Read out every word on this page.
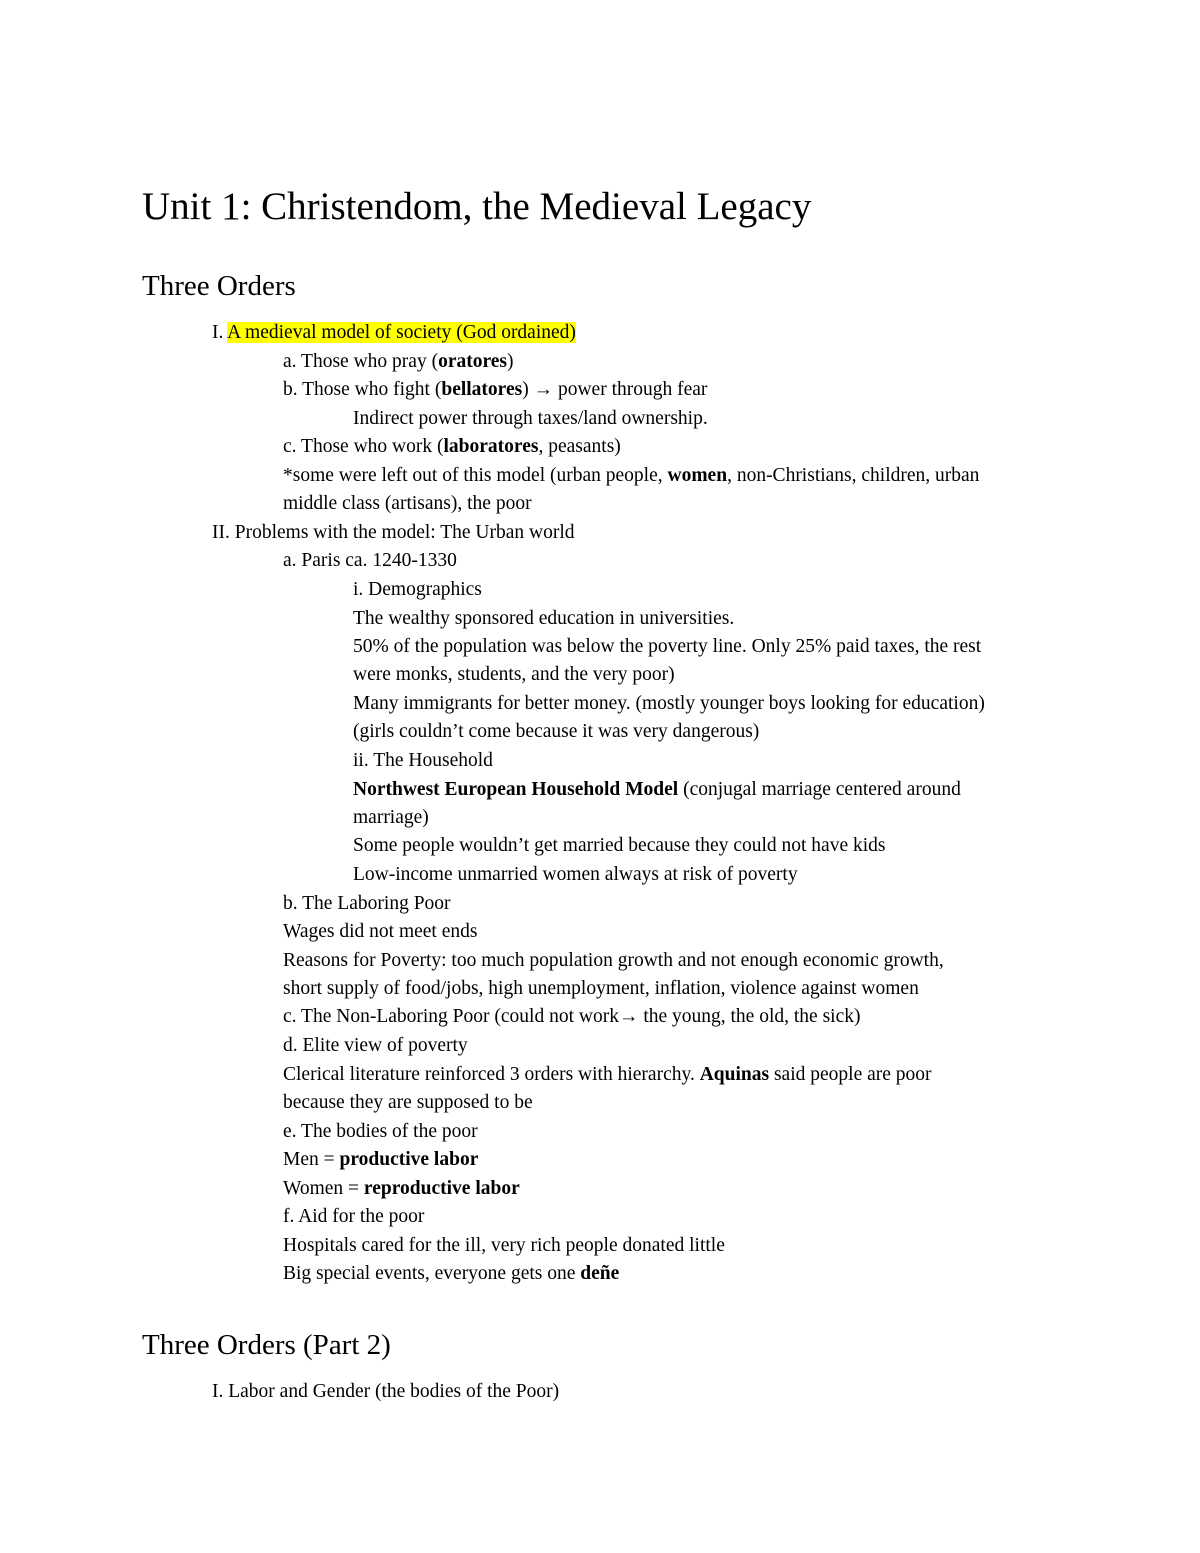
Unit 1: Christendom, the Medieval Legacy
Three Orders
I. A medieval model of society (God ordained)
a. Those who pray (oratores)
b. Those who fight (bellatores) → power through fear
Indirect power through taxes/land ownership.
c. Those who work (laboratores, peasants)
*some were left out of this model (urban people, women, non-Christians, children, urban
middle class (artisans), the poor
II. Problems with the model: The Urban world
a. Paris ca. 1240-1330
i. Demographics
The wealthy sponsored education in universities.
50% of the population was below the poverty line. Only 25% paid taxes, the rest
were monks, students, and the very poor)
Many immigrants for better money. (mostly younger boys looking for education)
(girls couldn’t come because it was very dangerous)
ii. The Household
Northwest European Household Model (conjugal marriage centered around
marriage)
Some people wouldn’t get married because they could not have kids
Low-income unmarried women always at risk of poverty
b. The Laboring Poor
Wages did not meet ends
Reasons for Poverty: too much population growth and not enough economic growth,
short supply of food/jobs, high unemployment, inflation, violence against women
c. The Non-Laboring Poor (could not work→ the young, the old, the sick)
d. Elite view of poverty
Clerical literature reinforced 3 orders with hierarchy. Aquinas said people are poor
because they are supposed to be
e. The bodies of the poor
Men = productive labor
Women = reproductive labor
f. Aid for the poor
Hospitals cared for the ill, very rich people donated little
Big special events, everyone gets one deñe
Three Orders (Part 2)
I. Labor and Gender (the bodies of the Poor)
